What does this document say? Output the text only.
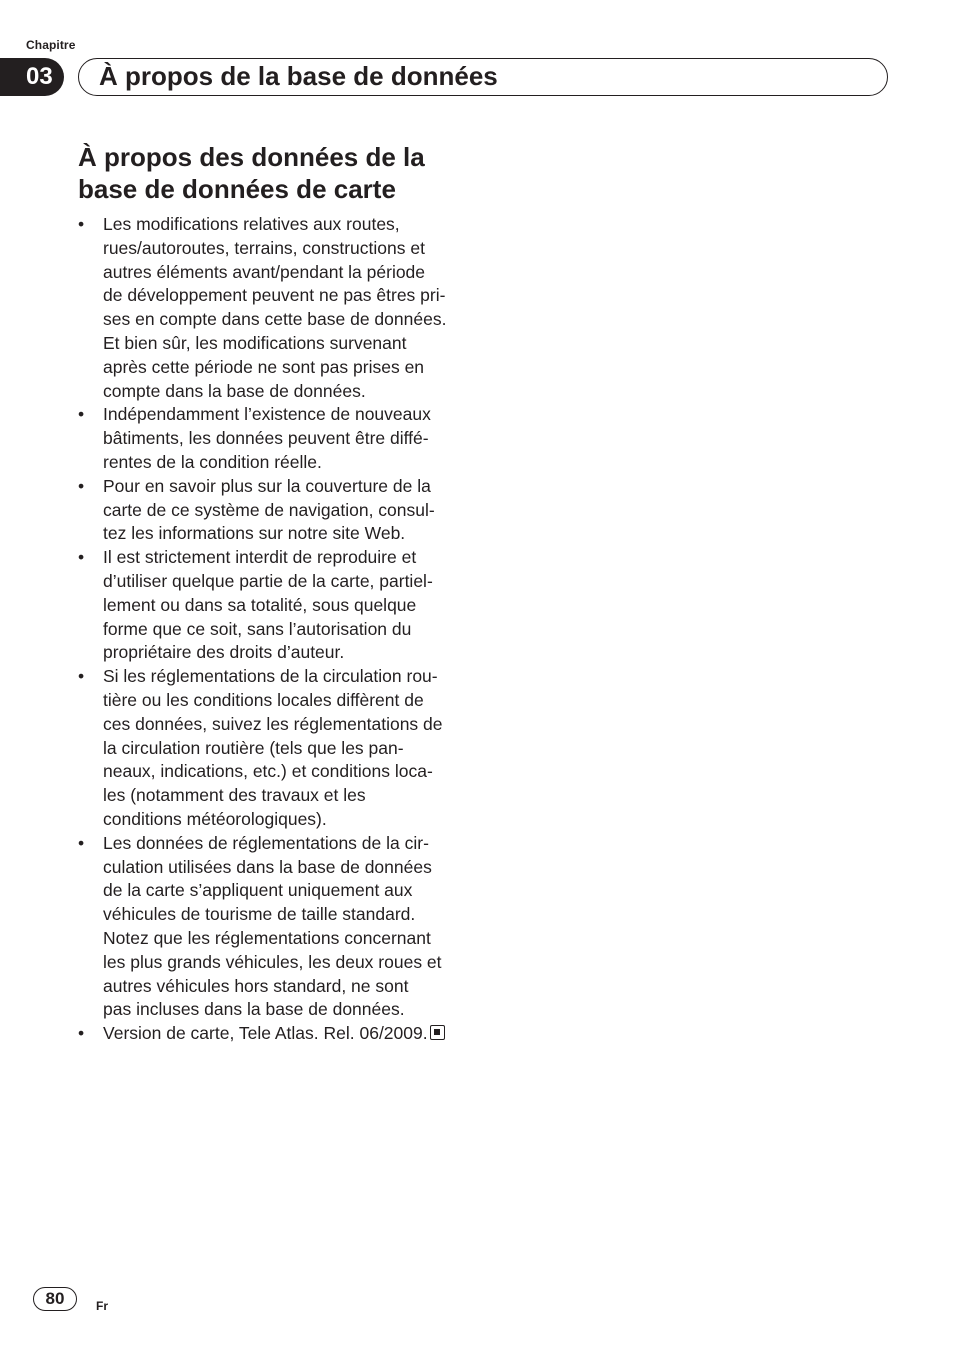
Chapitre
03	À propos de la base de données
À propos des données de la
base de données de carte
• Les modifications relatives aux routes,
rues/autoroutes, terrains, constructions et
autres éléments avant/pendant la période
de développement peuvent ne pas êtres pri-
ses en compte dans cette base de données.
Et bien sûr, les modifications survenant
après cette période ne sont pas prises en
compte dans la base de données.
• Indépendamment l’existence de nouveaux
bâtiments, les données peuvent être diffé-
rentes de la condition réelle.
• Pour en savoir plus sur la couverture de la
carte de ce système de navigation, consul-
tez les informations sur notre site Web.
• Il est strictement interdit de reproduire et
d’utiliser quelque partie de la carte, partiel-
lement ou dans sa totalité, sous quelque
forme que ce soit, sans l’autorisation du
propriétaire des droits d’auteur.
• Si les réglementations de la circulation rou-
tière ou les conditions locales diffèrent de
ces données, suivez les réglementations de
la circulation routière (tels que les pan-
neaux, indications, etc.) et conditions loca-
les (notamment des travaux et les
conditions météorologiques).
• Les données de réglementations de la cir-
culation utilisées dans la base de données
de la carte s’appliquent uniquement aux
véhicules de tourisme de taille standard.
Notez que les réglementations concernant
les plus grands véhicules, les deux roues et
autres véhicules hors standard, ne sont
pas incluses dans la base de données.
• Version de carte, Tele Atlas. Rel. 06/2009.
80	Fr
